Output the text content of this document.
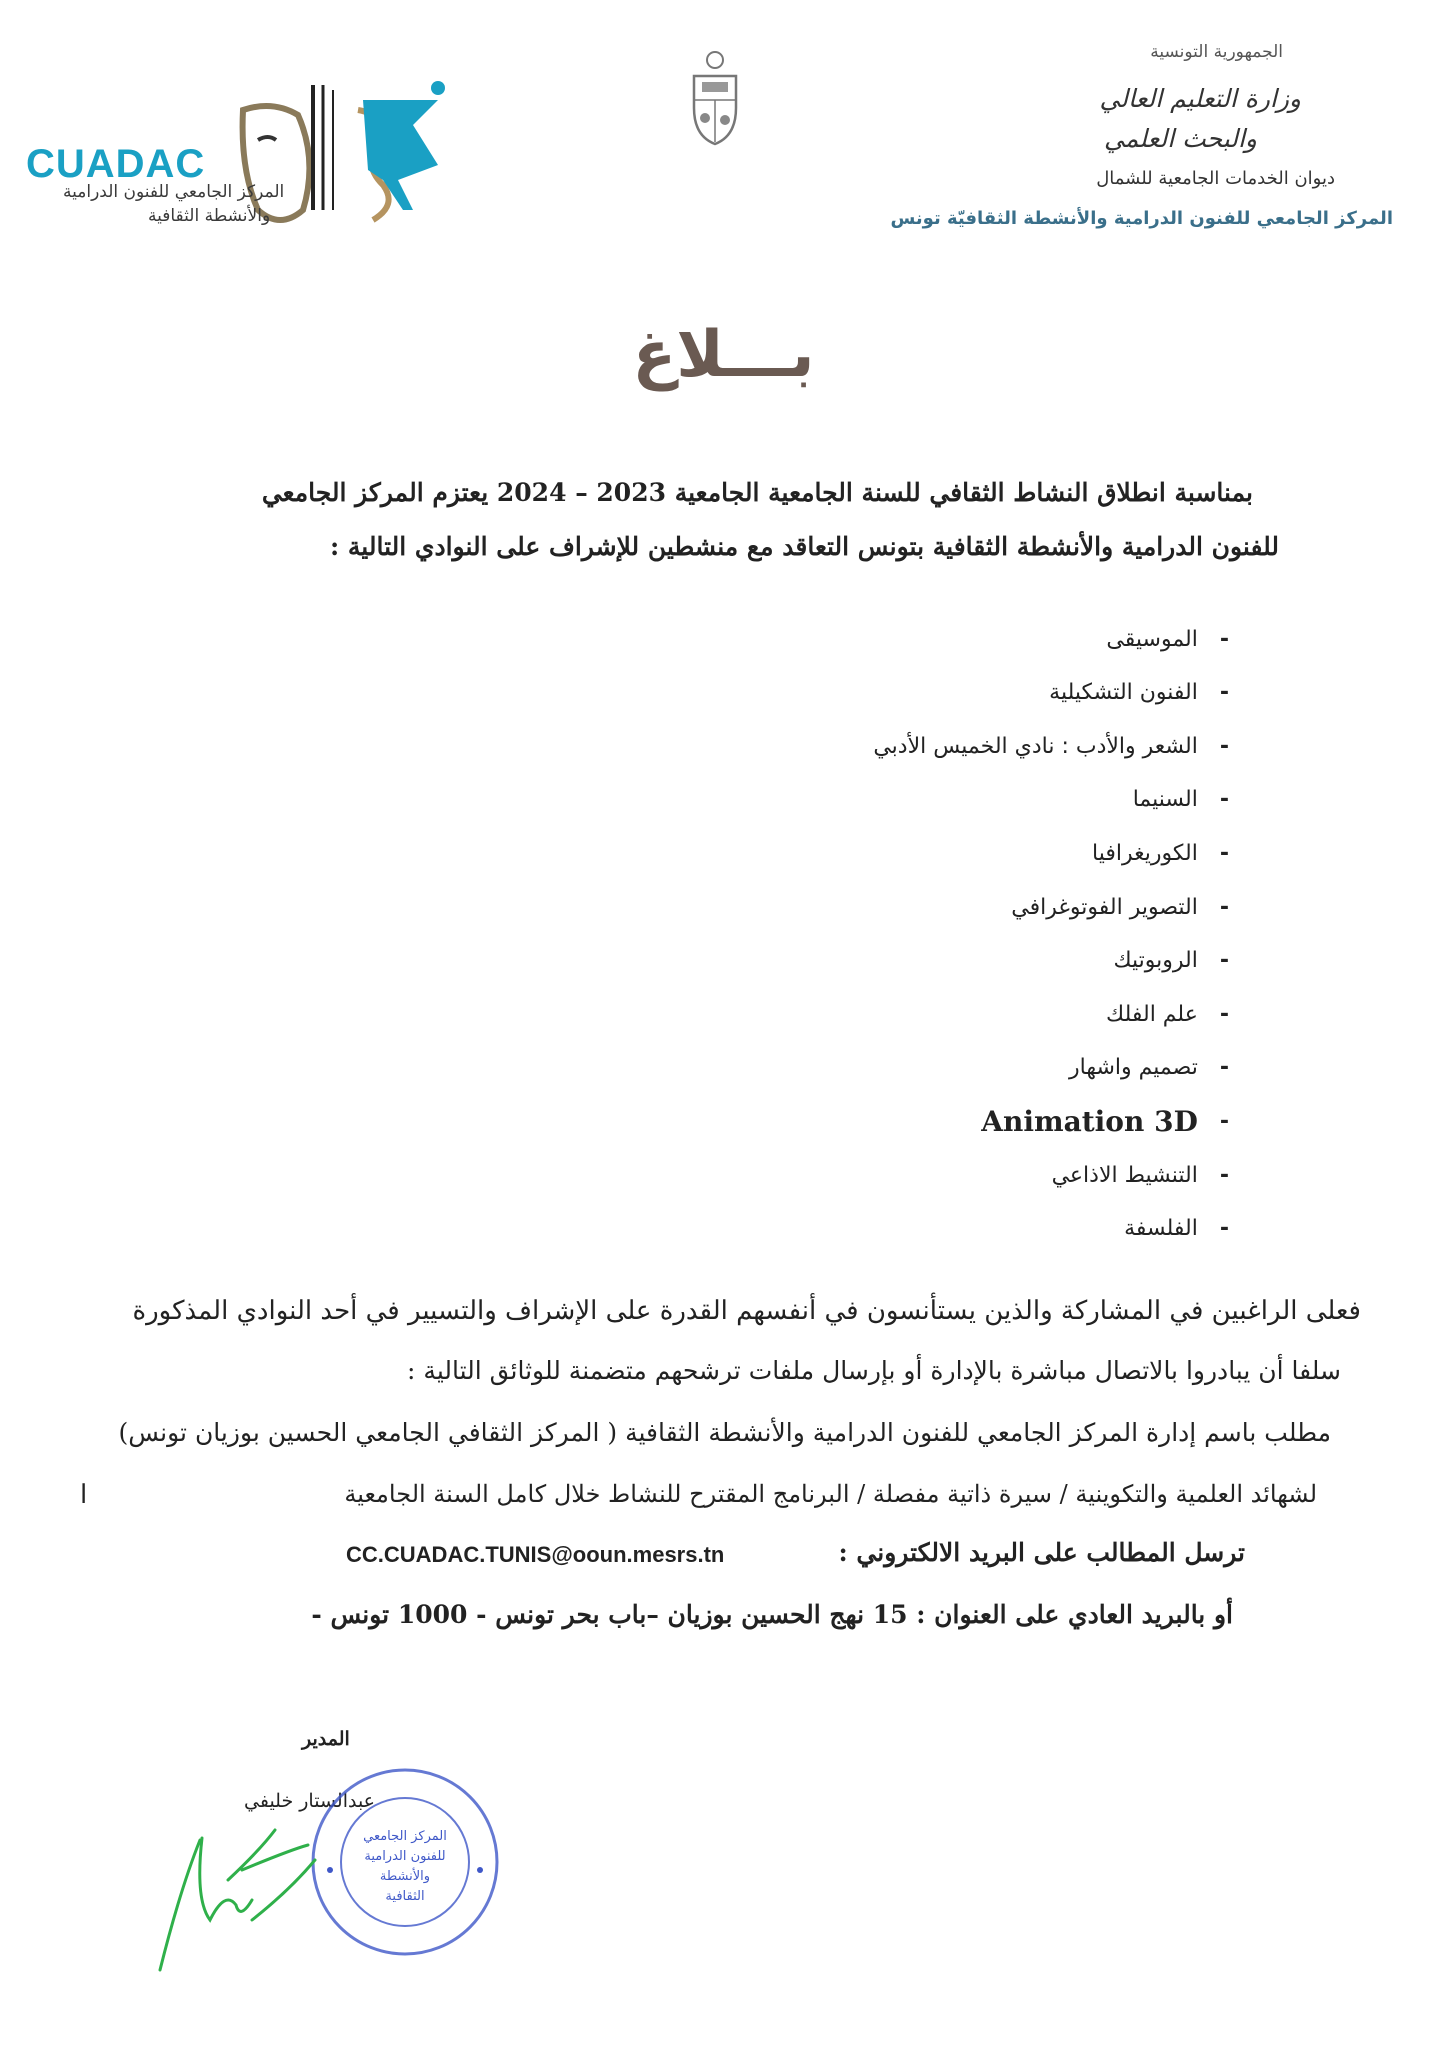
CUADAC
المركز الجامعي للفنون الدرامية
والأنشطة الثقافية
الجمهورية التونسية
وزارة التعليم العالي
والبحث العلمي
ديوان الخدمات الجامعية للشمال
المركز الجامعي للفنون الدرامية والأنشطة الثقافيّة تونس
بـــلاغ
بمناسبة انطلاق النشاط الثقافي للسنة الجامعية الجامعية 2023 – 2024 يعتزم المركز الجامعي
للفنون الدرامية والأنشطة الثقافية بتونس التعاقد مع منشطين للإشراف على النوادي التالية :
-
الموسيقى
-
الفنون التشكيلية
-
الشعر والأدب : نادي الخميس الأدبي
-
السنيما
-
الكوريغرافيا
-
التصوير الفوتوغرافي
-
الروبوتيك
-
علم الفلك
-
تصميم واشهار
-
Animation 3D
-
التنشيط الاذاعي
-
الفلسفة
فعلى الراغبين في المشاركة والذين يستأنسون في أنفسهم القدرة على الإشراف والتسيير في أحد النوادي المذكورة
سلفا أن يبادروا بالاتصال مباشرة بالإدارة أو بإرسال ملفات ترشحهم متضمنة للوثائق التالية :
مطلب باسم إدارة المركز الجامعي للفنون الدرامية والأنشطة الثقافية ( المركز الثقافي الجامعي الحسين بوزيان تونس)
لشهائد العلمية والتكوينية / سيرة ذاتية مفصلة / البرنامج المقترح للنشاط خلال كامل السنة الجامعية
ا
ترسل المطالب على البريد الالكتروني :
CC.CUADAC.TUNIS@ooun.mesrs.tn
أو بالبريد العادي على العنوان : 15 نهج الحسين بوزيان –باب بحر تونس - 1000 تونس -
المدير
عبدالستار خليفي
المركز الجامعي
للفنون الدرامية
والأنشطة
الثقافية
